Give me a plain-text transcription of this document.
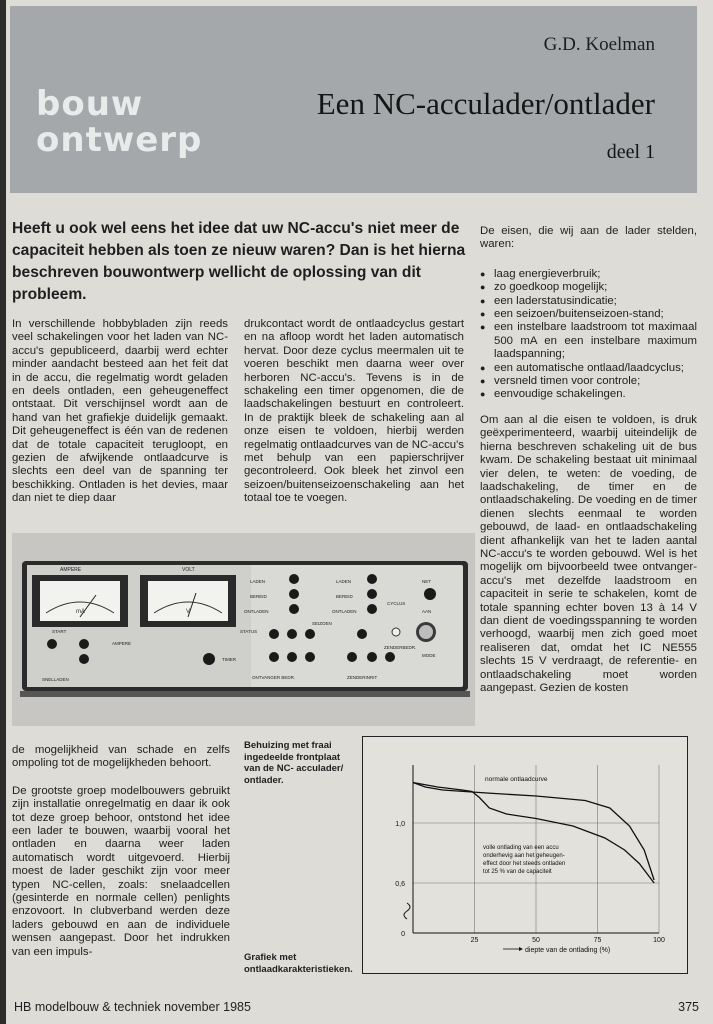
G.D. Koelman
bouw
ontwerp
Een NC-acculader/ontlader
deel 1

Heeft u ook wel eens het idee dat uw NC-accu's niet meer de capaciteit hebben als toen ze nieuw waren? Dan is het hierna beschreven bouwontwerp wellicht de oplossing van dit probleem.

In verschillende hobbybladen zijn reeds veel schakelingen voor het laden van NC-accu's gepubliceerd, daarbij werd echter minder aandacht besteed aan het feit dat in de accu, die regelmatig wordt geladen en deels ontladen, een geheugeneffect ontstaat. Dit verschijnsel wordt aan de hand van het grafiekje duidelijk gemaakt. Dit geheugeneffect is één van de redenen dat de totale capaciteit terugloopt, en gezien de afwijkende ontlaadcurve is slechts een deel van de spanning ter beschikking. Ontladen is het devies, maar dan niet te diep daar

drukcontact wordt de ontlaadcyclus gestart en na afloop wordt het laden automatisch hervat. Door deze cyclus meermalen uit te voeren beschikt men daarna weer over herboren NC-accu's. Tevens is in de schakeling een timer opgenomen, die de laadschakelingen bestuurt en controleert. In de praktijk bleek de schakeling aan al onze eisen te voldoen, hierbij werden regelmatig ontlaadcurves van de NC-accu's met behulp van een papierschrijver gecontroleerd. Ook bleek het zinvol een seizoen/buitenseizoenschakeling aan het totaal toe te voegen.

De eisen, die wij aan de lader stelden, waren:

● laag energieverbruik;
● zo goedkoop mogelijk;
● een laderstatusindicatie;
● een seizoen/buitenseizoen-stand;
● een instelbare laadstroom tot maximaal 500 mA en een instelbare maximum laadspanning;
● een automatische ontlaad/laadcyclus;
● versneld timen voor controle;
● eenvoudige schakelingen.

Om aan al die eisen te voldoen, is druk geëxperimenteerd, waarbij uiteindelijk de hierna beschreven schakeling uit de bus kwam. De schakeling bestaat uit minimaal vier delen, te weten: de voeding, de laadschakeling, de timer en de ontlaadschakeling. De voeding en de timer dienen slechts eenmaal te worden gebouwd, de laad- en ontlaadschakeling dient afhankelijk van het te laden aantal NC-accu's te worden gebouwd. Wel is het mogelijk om bijvoorbeeld twee ontvanger-accu's met dezelfde laadstroom en capaciteit in serie te schakelen, komt de totale spanning echter boven 13 à 14 V dan dient de voedingsspanning te worden verhoogd, waarbij men zich goed moet realiseren dat, omdat het IC NE555 slechts 15 V verdraagt, de referentie- en ontlaadschakeling moet worden aangepast. Gezien de kosten

AMPERE	VOLT
mA	V
LADEN
BEREID
ONTLADEN
LADEN
BEREID
ONTLADEN
NET
AAN
CYCLUS
START
AMPERE
STATUS
SEIZOEN
TIMER
SNELLADEN	ONTVANGER BEDR.	ZENDERINRIT
MODE
ZENDERBEDR.

de mogelijkheid van schade en zelfs ompoling tot de mogelijkheden behoort.

De grootste groep modelbouwers gebruikt zijn installatie onregelmatig en daar ik ook tot deze groep behoor, ontstond het idee een lader te bouwen, waarbij vooral het ontladen en daarna weer laden automatisch wordt uitgevoerd. Hierbij moest de lader geschikt zijn voor meer typen NC-cellen, zoals: snelaadcellen (gesinterde en normale cellen) penlights enzovoort. In clubverband werden deze laders gebouwd en aan de individuele wensen aangepast. Door het indrukken van een impuls-

Behuizing met fraai ingedeelde frontplaat van de NC- acculader/ ontlader.
Grafiek met ontlaadkarakteristieken.
0
0,6
1,0
25	50	75	100
diepte van de ontlading (%)
normale ontlaadcurve
volle ontlading van een accu
onderhevig aan het geheugen-
effect door het steeds ontladen
tot 25 % van de capaciteit
HB modelbouw & techniek november 1985	375
